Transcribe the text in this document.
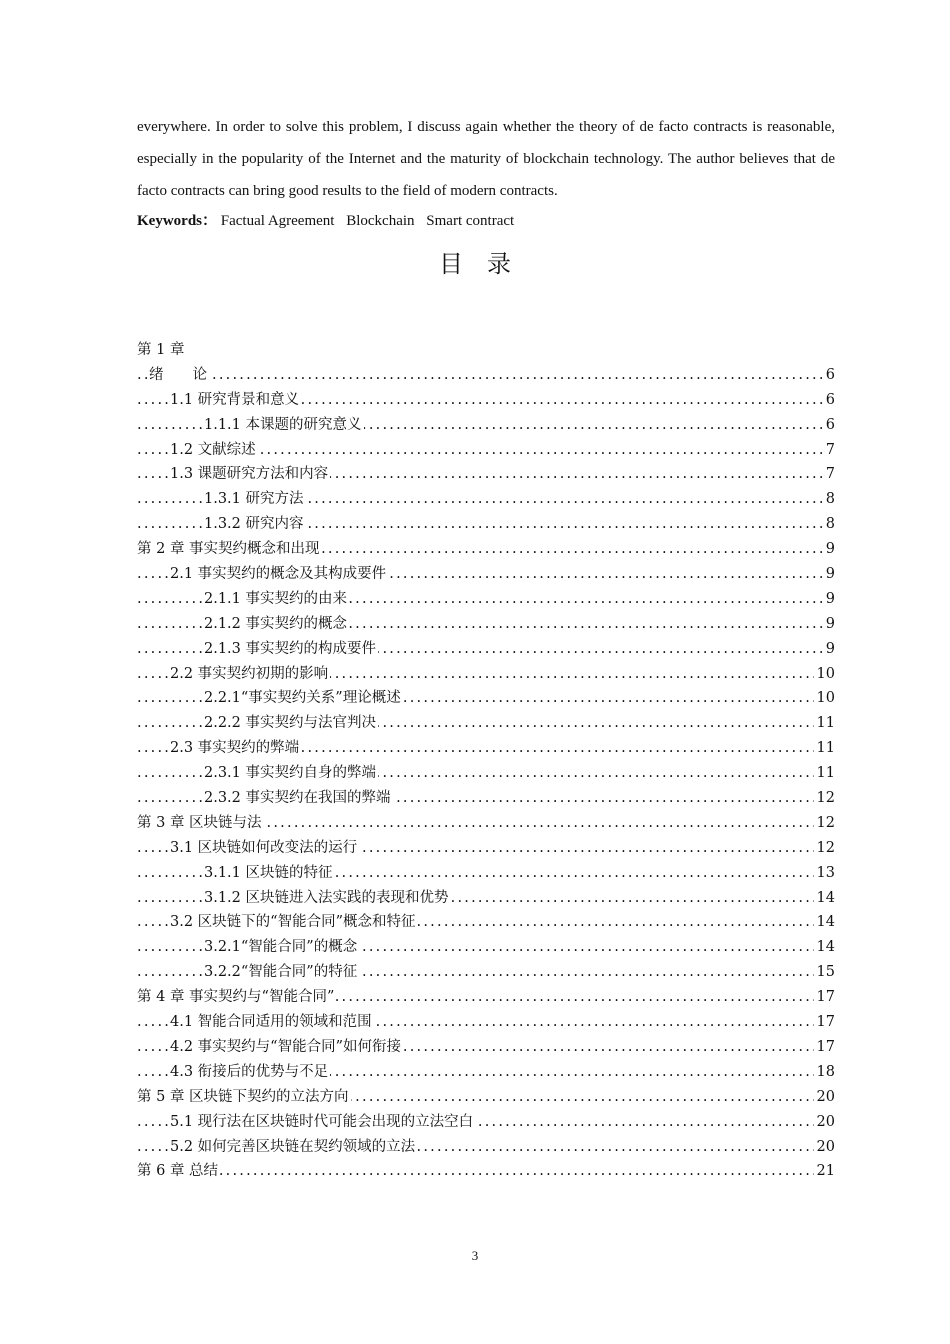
everywhere. In order to solve this problem, I discuss again whether the theory of de facto contracts is reasonable, especially in the popularity of the Internet and the maturity of blockchain technology. The author believes that de facto contracts can bring good results to the field of modern contracts.
Keywords： Factual Agreement Blockchain Smart contract
目录
第 1 章
绪　　论	6
. . .
1.1 研究背景和意义	6
. . .
1.1.1 本课题的研究意义	6
. . .
1.2 文献综述	7
. . .
1.3 课题研究方法和内容	7
. . .
1.3.1 研究方法	8
. . .
1.3.2 研究内容	8
. . .
第 2 章 事实契约概念和出现	9
. . .
2.1 事实契约的概念及其构成要件	9
. . .
2.1.1 事实契约的由来	9
. . .
2.1.2 事实契约的概念	9
. . .
2.1.3 事实契约的构成要件	9
. . .
2.2 事实契约初期的影响	10
. . .
2.2.1“事实契约关系”理论概述	10
. . .
2.2.2 事实契约与法官判决	11
. . .
2.3 事实契约的弊端	11
. . .
2.3.1 事实契约自身的弊端	11
. . .
2.3.2 事实契约在我国的弊端	12
. . .
第 3 章 区块链与法	12
. . .
3.1 区块链如何改变法的运行	12
. . .
3.1.1 区块链的特征	13
. . .
3.1.2 区块链进入法实践的表现和优势	14
. . .
3.2 区块链下的“智能合同”概念和特征	14
. . .
3.2.1“智能合同”的概念	14
. . .
3.2.2“智能合同”的特征	15
. . .
第 4 章 事实契约与“智能合同”	17
. . .
4.1 智能合同适用的领域和范围	17
. . .
4.2 事实契约与“智能合同”如何衔接	17
. . .
4.3 衔接后的优势与不足	18
. . .
第 5 章 区块链下契约的立法方向	20
. . .
5.1 现行法在区块链时代可能会出现的立法空白	20
. . .
5.2 如何完善区块链在契约领域的立法	20
. . .
第 6 章 总结	21
. . .
3
